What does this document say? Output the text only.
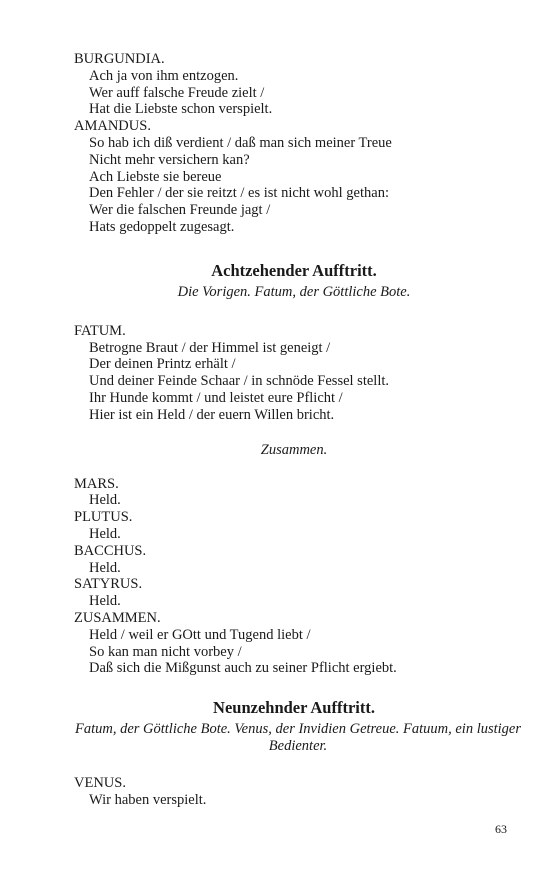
BURGUNDIA.
Ach ja von ihm entzogen.
Wer auff falsche Freude zielt /
Hat die Liebste schon verspielt.
AMANDUS.
So hab ich diß verdient / daß man sich meiner Treue
Nicht mehr versichern kan?
Ach Liebste sie bereue
Den Fehler / der sie reitzt / es ist nicht wohl gethan:
Wer die falschen Freunde jagt /
Hats gedoppelt zugesagt.
Achtzehender Aufftritt.
Die Vorigen. Fatum, der Göttliche Bote.
FATUM.
Betrogne Braut / der Himmel ist geneigt /
Der deinen Printz erhält /
Und deiner Feinde Schaar / in schnöde Fessel stellt.
Ihr Hunde kommt / und leistet eure Pflicht /
Hier ist ein Held / der euern Willen bricht.
Zusammen.
MARS.
Held.
PLUTUS.
Held.
BACCHUS.
Held.
SATYRUS.
Held.
ZUSAMMEN.
Held / weil er GOtt und Tugend liebt /
So kan man nicht vorbey /
Daß sich die Mißgunst auch zu seiner Pflicht ergiebt.
Neunzehnder Aufftritt.
Fatum, der Göttliche Bote. Venus, der Invidien Getreue. Fatuum, ein lustiger Bedienter.
VENUS.
Wir haben verspielt.
63
